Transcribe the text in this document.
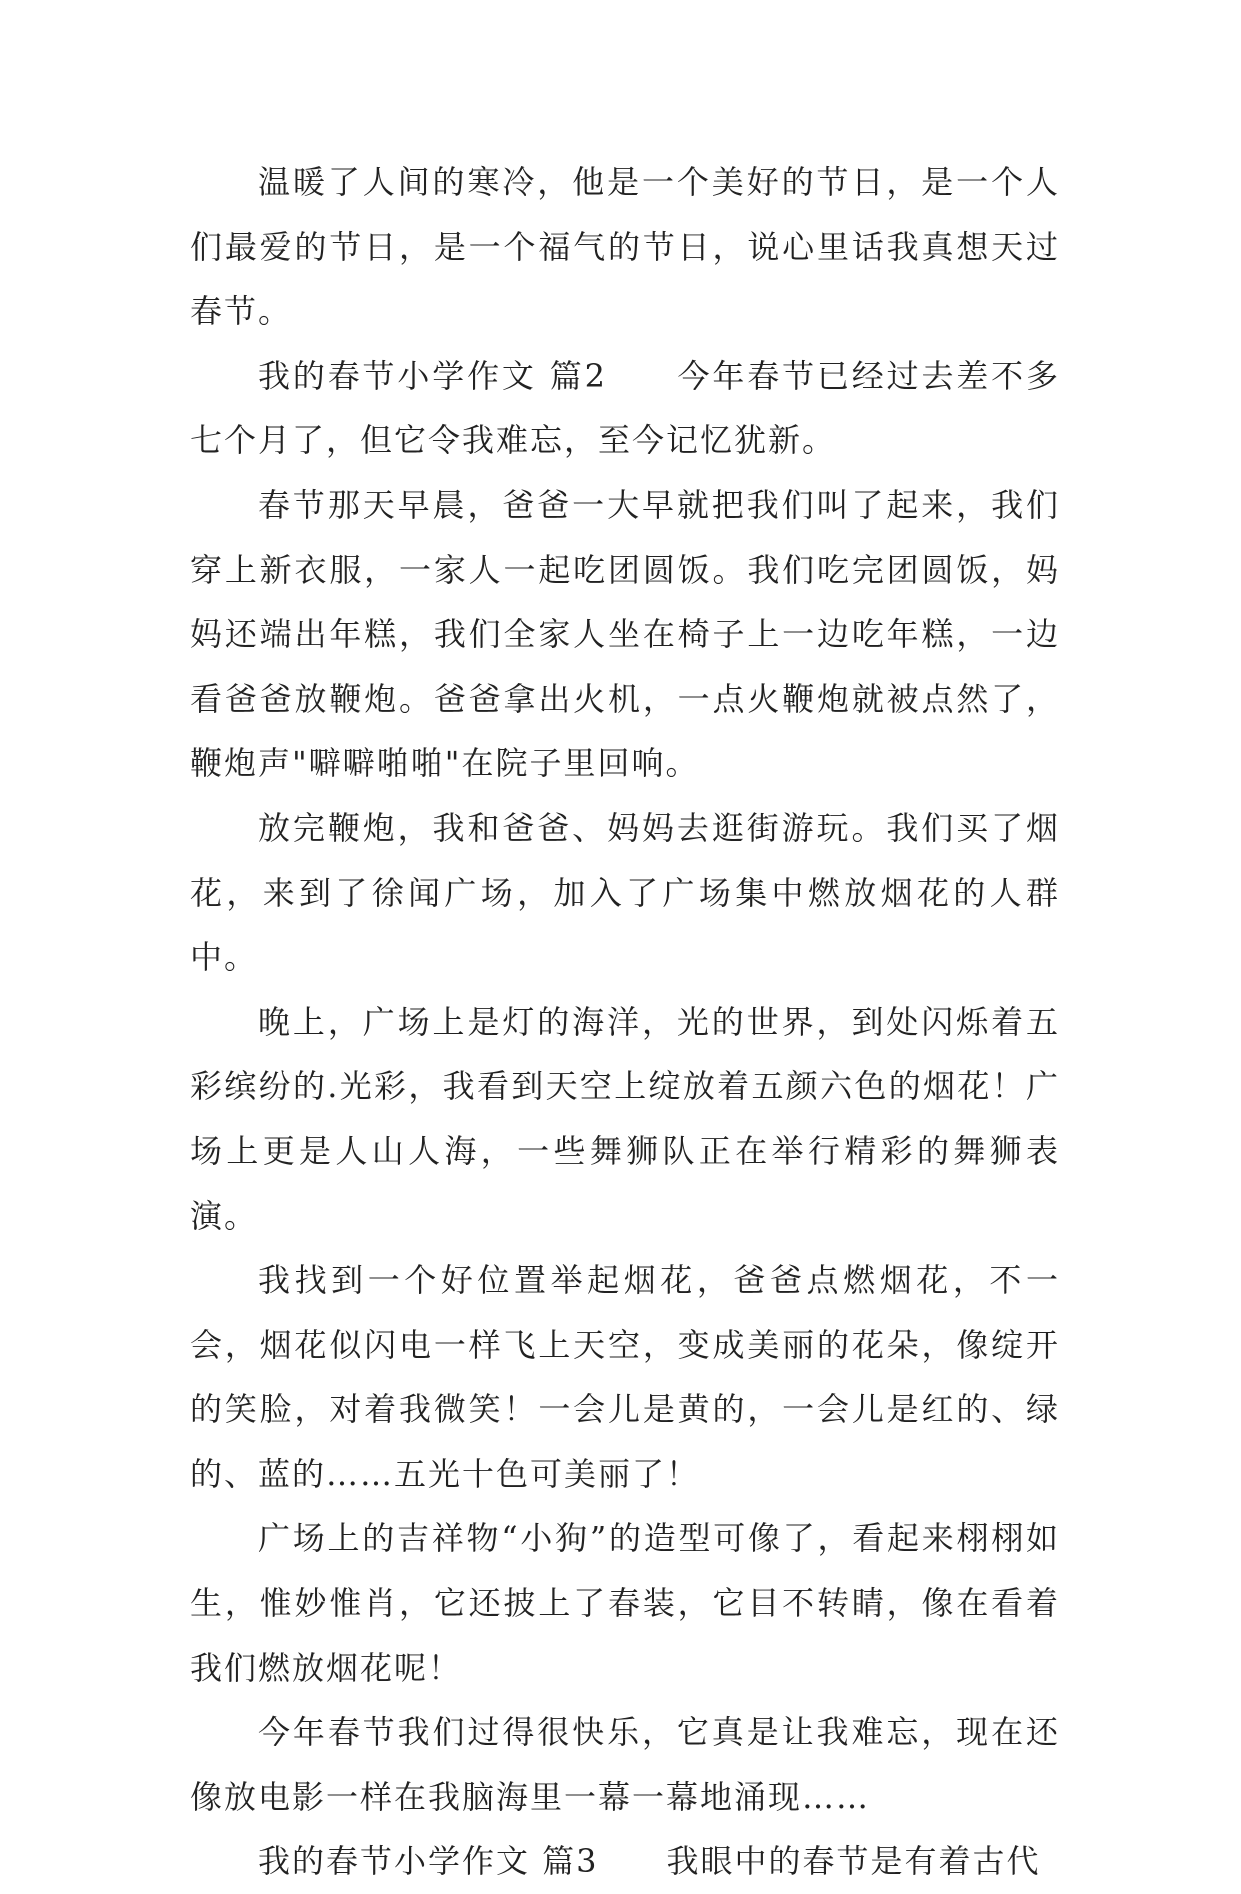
温暖了人间的寒冷，他是一个美好的节日，是一个人们最爱的节日，是一个福气的节日，说心里话我真想天过春节。

我的春节小学作文 篇2　　今年春节已经过去差不多七个月了，但它令我难忘，至今记忆犹新。

春节那天早晨，爸爸一大早就把我们叫了起来，我们穿上新衣服，一家人一起吃团圆饭。我们吃完团圆饭，妈妈还端出年糕，我们全家人坐在椅子上一边吃年糕，一边看爸爸放鞭炮。爸爸拿出火机，一点火鞭炮就被点然了，鞭炮声"噼噼啪啪"在院子里回响。

放完鞭炮，我和爸爸、妈妈去逛街游玩。我们买了烟花，来到了徐闻广场，加入了广场集中燃放烟花的人群中。

晚上，广场上是灯的海洋，光的世界，到处闪烁着五彩缤纷的.光彩，我看到天空上绽放着五颜六色的烟花！广场上更是人山人海，一些舞狮队正在举行精彩的舞狮表演。

我找到一个好位置举起烟花，爸爸点燃烟花，不一会，烟花似闪电一样飞上天空，变成美丽的花朵，像绽开的笑脸，对着我微笑！一会儿是黄的，一会儿是红的、绿的、蓝的……五光十色可美丽了！

广场上的吉祥物“小狗”的造型可像了，看起来栩栩如生，惟妙惟肖，它还披上了春装，它目不转睛，像在看着我们燃放烟花呢！

今年春节我们过得很快乐，它真是让我难忘，现在还像放电影一样在我脑海里一幕一幕地涌现……

我的春节小学作文 篇3　　我眼中的春节是有着古代
